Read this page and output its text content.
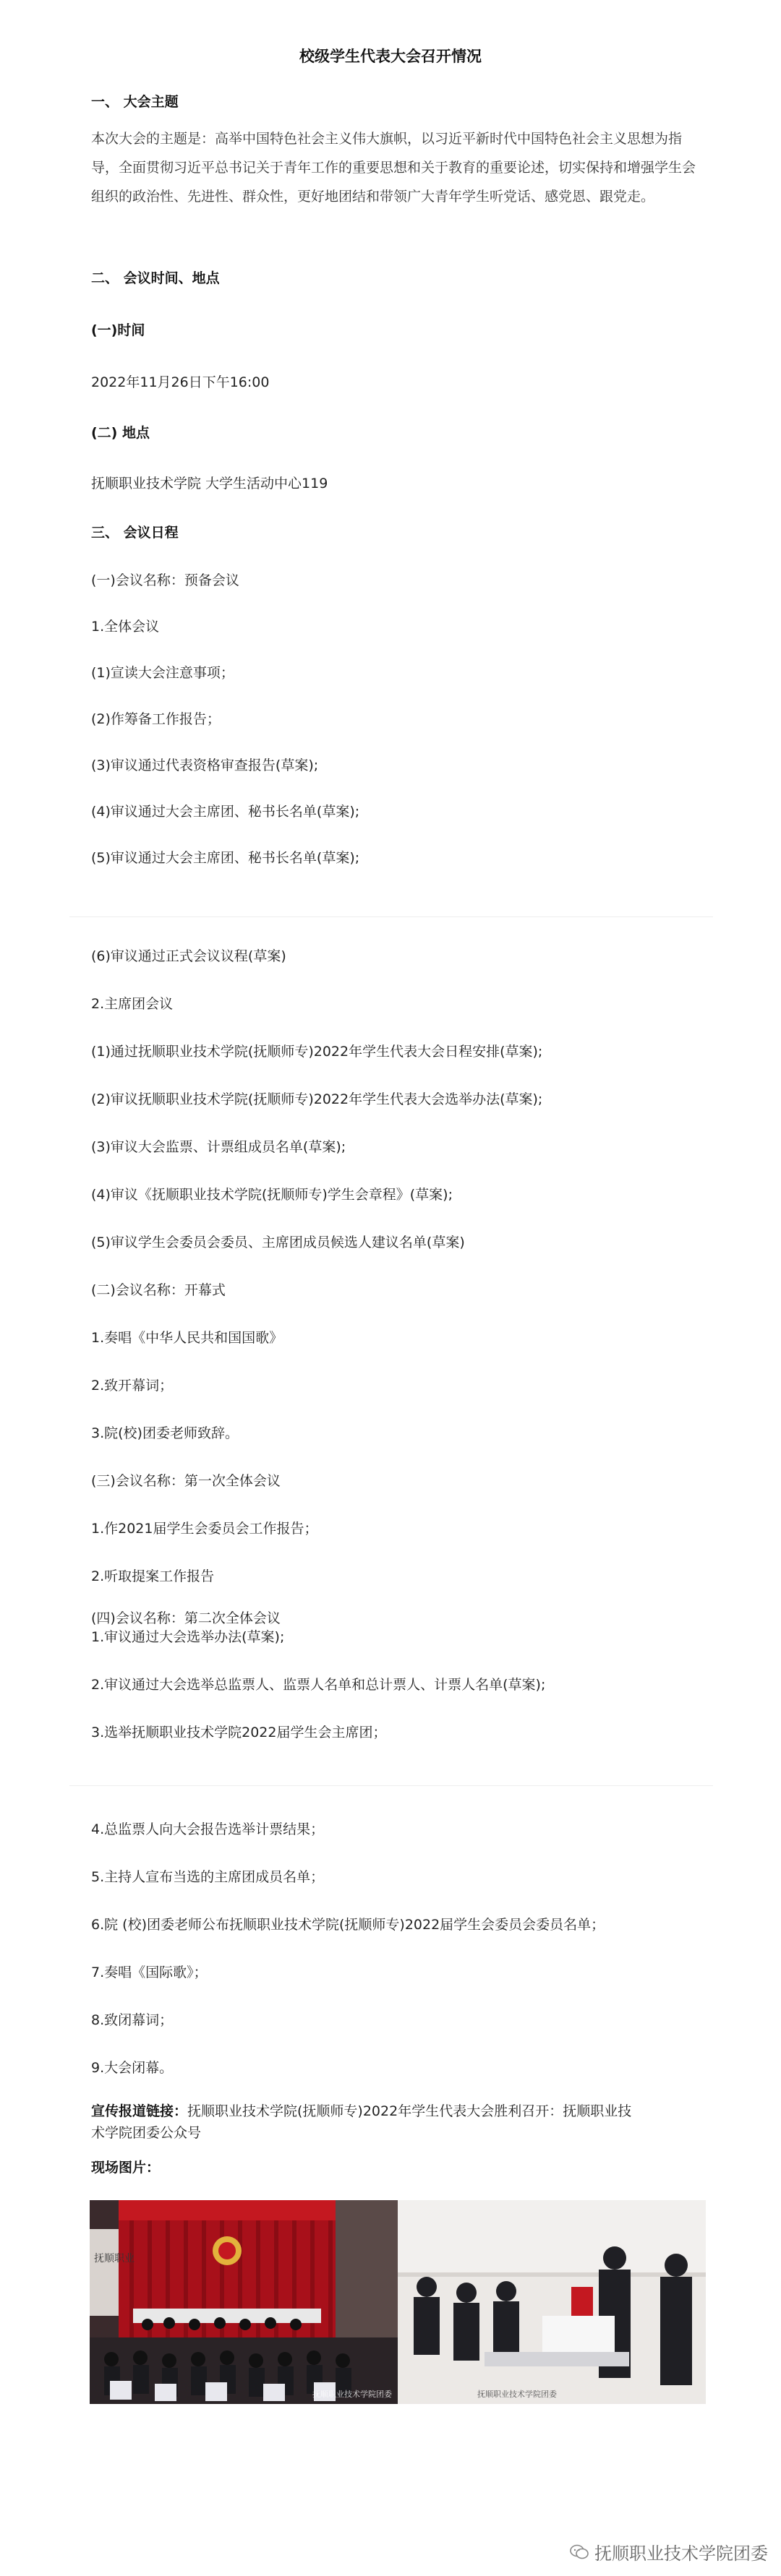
校级学生代表大会召开情况
一、 大会主题
本次大会的主题是：高举中国特色社会主义伟大旗帜，以习近平新时代中国特色社会主义思想为指导，全面贯彻习近平总书记关于青年工作的重要思想和关于教育的重要论述，切实保持和增强学生会组织的政治性、先进性、群众性，更好地团结和带领广大青年学生听党话、感党恩、跟党走。
二、 会议时间、地点
(一)时间
2022年11月26日下午16:00
(二) 地点
抚顺职业技术学院 大学生活动中心119
三、 会议日程
(一)会议名称：预备会议
1.全体会议
(1)宣读大会注意事项；
(2)作筹备工作报告；
(3)审议通过代表资格审查报告(草案);
(4)审议通过大会主席团、秘书长名单(草案);
(5)审议通过大会主席团、秘书长名单(草案);
(6)审议通过正式会议议程(草案)
2.主席团会议
(1)通过抚顺职业技术学院(抚顺师专)2022年学生代表大会日程安排(草案);
(2)审议抚顺职业技术学院(抚顺师专)2022年学生代表大会选举办法(草案);
(3)审议大会监票、计票组成员名单(草案);
(4)审议《抚顺职业技术学院(抚顺师专)学生会章程》(草案);
(5)审议学生会委员会委员、主席团成员候选人建议名单(草案)
(二)会议名称：开幕式
1.奏唱《中华人民共和国国歌》
2.致开幕词；
3.院(校)团委老师致辞。
(三)会议名称：第一次全体会议
1.作2021届学生会委员会工作报告；
2.听取提案工作报告
(四)会议名称：第二次全体会议
1.审议通过大会选举办法(草案);
2.审议通过大会选举总监票人、监票人名单和总计票人、计票人名单(草案);
3.选举抚顺职业技术学院2022届学生会主席团；
4.总监票人向大会报告选举计票结果；
5.主持人宣布当选的主席团成员名单；
6.院 (校)团委老师公布抚顺职业技术学院(抚顺师专)2022届学生会委员会委员名单；
7.奏唱《国际歌》；
8.致闭幕词；
9.大会闭幕。
宣传报道链接：抚顺职业技术学院(抚顺师专)2022年学生代表大会胜利召开：抚顺职业技
术学院团委公众号
现场图片：
抚顺职业
抚顺职业技术学院团委	抚顺职业技术学院团委
抚顺职业技术学院团委
